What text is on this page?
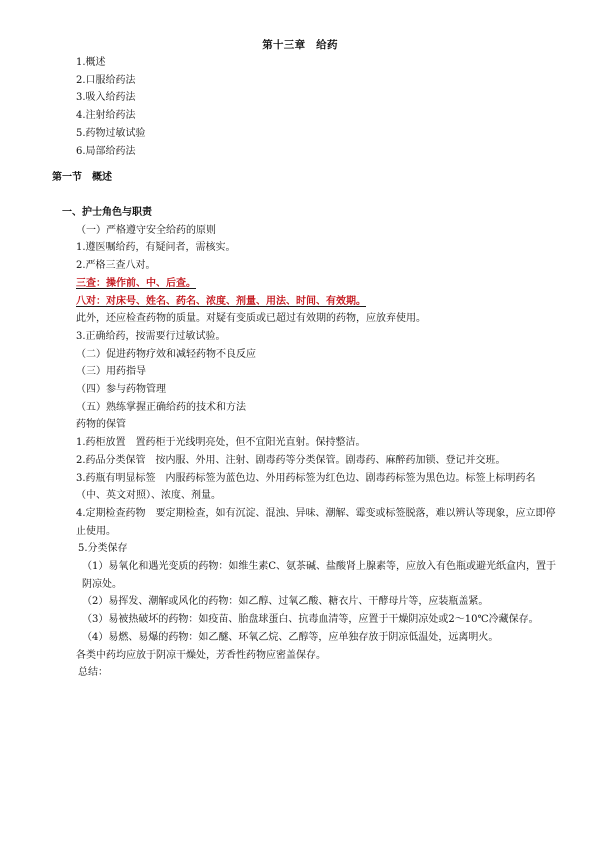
第十三章　给药
1.概述
2.口服给药法
3.吸入给药法
4.注射给药法
5.药物过敏试验
6.局部给药法
第一节　概述
一、护士角色与职责
（一）严格遵守安全给药的原则
1.遵医嘱给药，有疑问者，需核实。
2.严格三查八对。
三查：操作前、中、后查。
八对：对床号、姓名、药名、浓度、剂量、用法、时间、有效期。
此外，还应检查药物的质量。对疑有变质或已超过有效期的药物，应放弃使用。
3.正确给药，按需要行过敏试验。
（二）促进药物疗效和减轻药物不良反应
（三）用药指导
（四）参与药物管理
（五）熟练掌握正确给药的技术和方法
药物的保管
1.药柜放置　置药柜于光线明亮处，但不宜阳光直射。保持整洁。
2.药品分类保管　按内服、外用、注射、剧毒药等分类保管。剧毒药、麻醉药加锁、登记并交班。
3.药瓶有明显标签　内服药标签为蓝色边、外用药标签为红色边、剧毒药标签为黑色边。标签上标明药名（中、英文对照）、浓度、剂量。
4.定期检查药物　要定期检查，如有沉淀、混浊、异味、潮解、霉变或标签脱落，难以辨认等现象，应立即停止使用。
5.分类保存
（1）易氧化和遇光变质的药物：如维生素C、氨茶碱、盐酸肾上腺素等，应放入有色瓶或避光纸盒内，置于阴凉处。
（2）易挥发、潮解或风化的药物：如乙醇、过氧乙酸、糖衣片、干酵母片等，应装瓶盖紧。
（3）易被热破坏的药物：如疫苗、胎盘球蛋白、抗毒血清等，应置于干燥阴凉处或2～10℃冷藏保存。
（4）易燃、易爆的药物：如乙醚、环氧乙烷、乙醇等，应单独存放于阴凉低温处，远离明火。
各类中药均应放于阴凉干燥处，芳香性药物应密盖保存。
总结：
